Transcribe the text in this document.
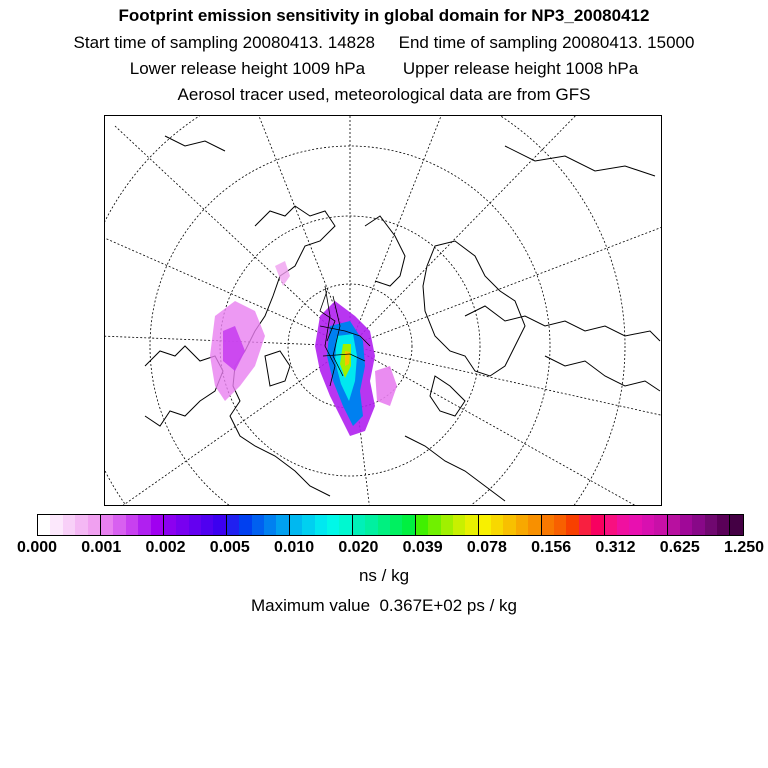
Footprint emission sensitivity in global domain for NP3_20080412
Start time of sampling 20080413. 14828     End time of sampling 20080413. 15000
Lower release height 1009 hPa        Upper release height 1008 hPa
Aerosol tracer used, meteorological data are from GFS
0.000 0.001 0.002 0.005 0.010 0.020 0.039 0.078 0.156 0.312 0.625 1.250
ns / kg
Maximum value  0.367E+02 ps / kg
